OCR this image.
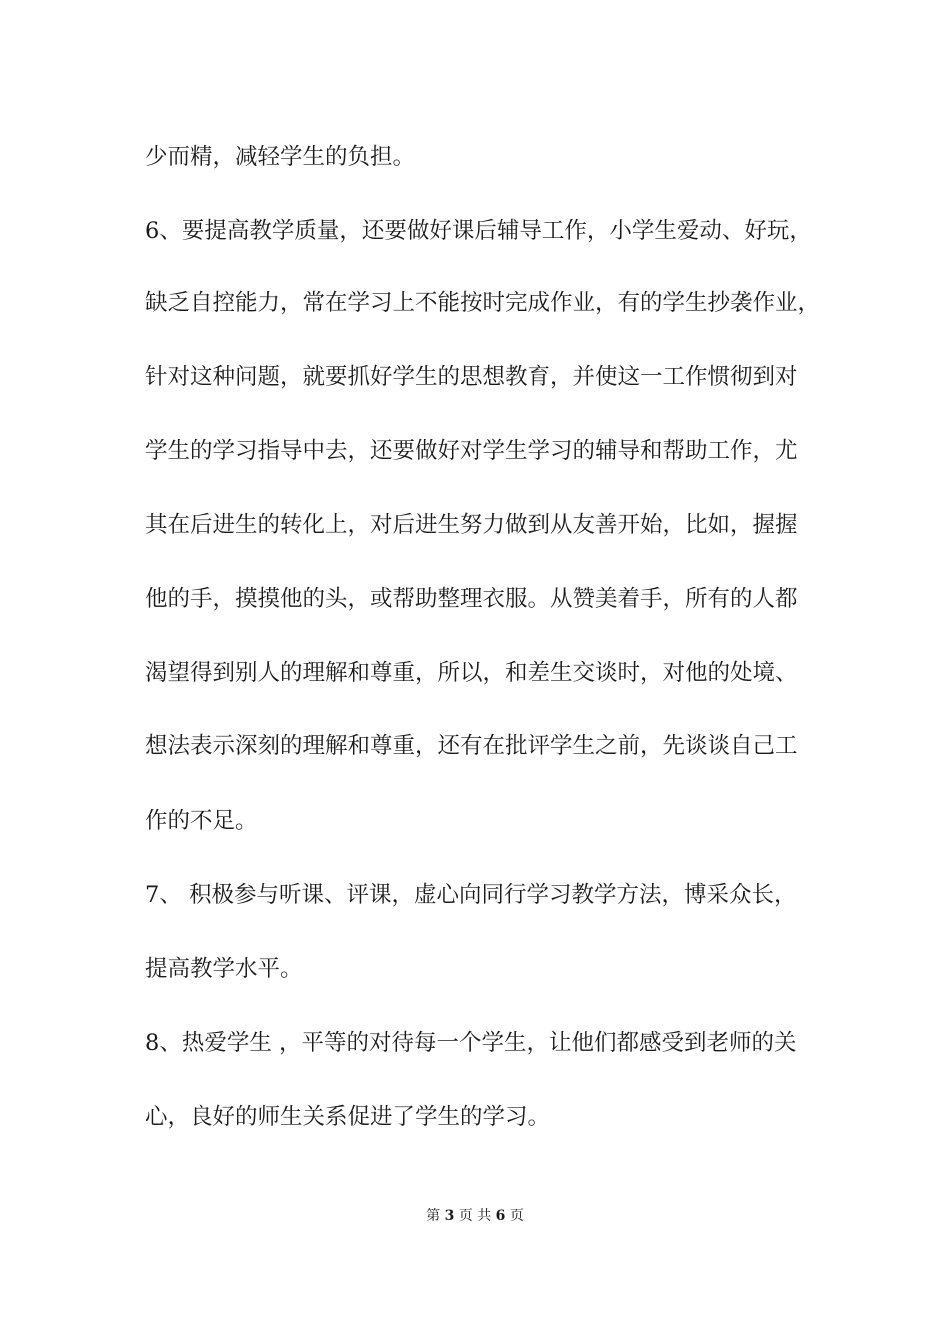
少而精，减轻学生的负担。
6、要提高教学质量，还要做好课后辅导工作，小学生爱动、好玩，
缺乏自控能力，常在学习上不能按时完成作业，有的学生抄袭作业，
针对这种问题，就要抓好学生的思想教育，并使这一工作惯彻到对
学生的学习指导中去，还要做好对学生学习的辅导和帮助工作，尤
其在后进生的转化上，对后进生努力做到从友善开始，比如，握握
他的手，摸摸他的头，或帮助整理衣服。从赞美着手，所有的人都
渴望得到别人的理解和尊重，所以，和差生交谈时，对他的处境、
想法表示深刻的理解和尊重，还有在批评学生之前，先谈谈自己工
作的不足。
7、 积极参与听课、评课，虚心向同行学习教学方法，博采众长，
提高教学水平。
8、热爱学生 ，平等的对待每一个学生，让他们都感受到老师的关
心，良好的师生关系促进了学生的学习。
第 3 页 共 6 页
